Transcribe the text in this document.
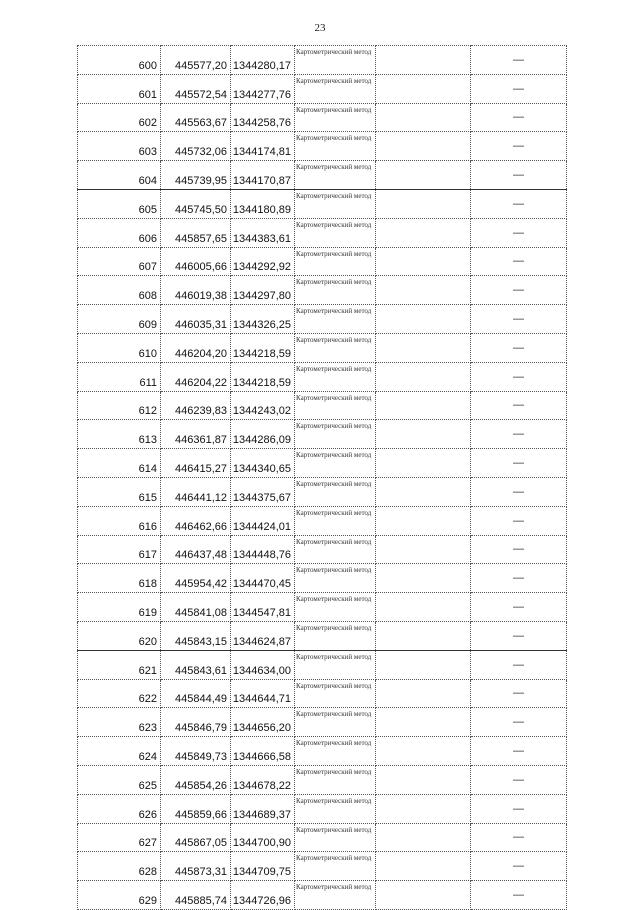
23
600	445577,20	1344280,17	Картометрический метод		—
601	445572,54	1344277,76	Картометрический метод		—
602	445563,67	1344258,76	Картометрический метод		—
603	445732,06	1344174,81	Картометрический метод		—
604	445739,95	1344170,87	Картометрический метод		—
605	445745,50	1344180,89	Картометрический метод		—
606	445857,65	1344383,61	Картометрический метод		—
607	446005,66	1344292,92	Картометрический метод		—
608	446019,38	1344297,80	Картометрический метод		—
609	446035,31	1344326,25	Картометрический метод		—
610	446204,20	1344218,59	Картометрический метод		—
611	446204,22	1344218,59	Картометрический метод		—
612	446239,83	1344243,02	Картометрический метод		—
613	446361,87	1344286,09	Картометрический метод		—
614	446415,27	1344340,65	Картометрический метод		—
615	446441,12	1344375,67	Картометрический метод		—
616	446462,66	1344424,01	Картометрический метод		—
617	446437,48	1344448,76	Картометрический метод		—
618	445954,42	1344470,45	Картометрический метод		—
619	445841,08	1344547,81	Картометрический метод		—
620	445843,15	1344624,87	Картометрический метод		—
621	445843,61	1344634,00	Картометрический метод		—
622	445844,49	1344644,71	Картометрический метод		—
623	445846,79	1344656,20	Картометрический метод		—
624	445849,73	1344666,58	Картометрический метод		—
625	445854,26	1344678,22	Картометрический метод		—
626	445859,66	1344689,37	Картометрический метод		—
627	445867,05	1344700,90	Картометрический метод		—
628	445873,31	1344709,75	Картометрический метод		—
629	445885,74	1344726,96	Картометрический метод		—
